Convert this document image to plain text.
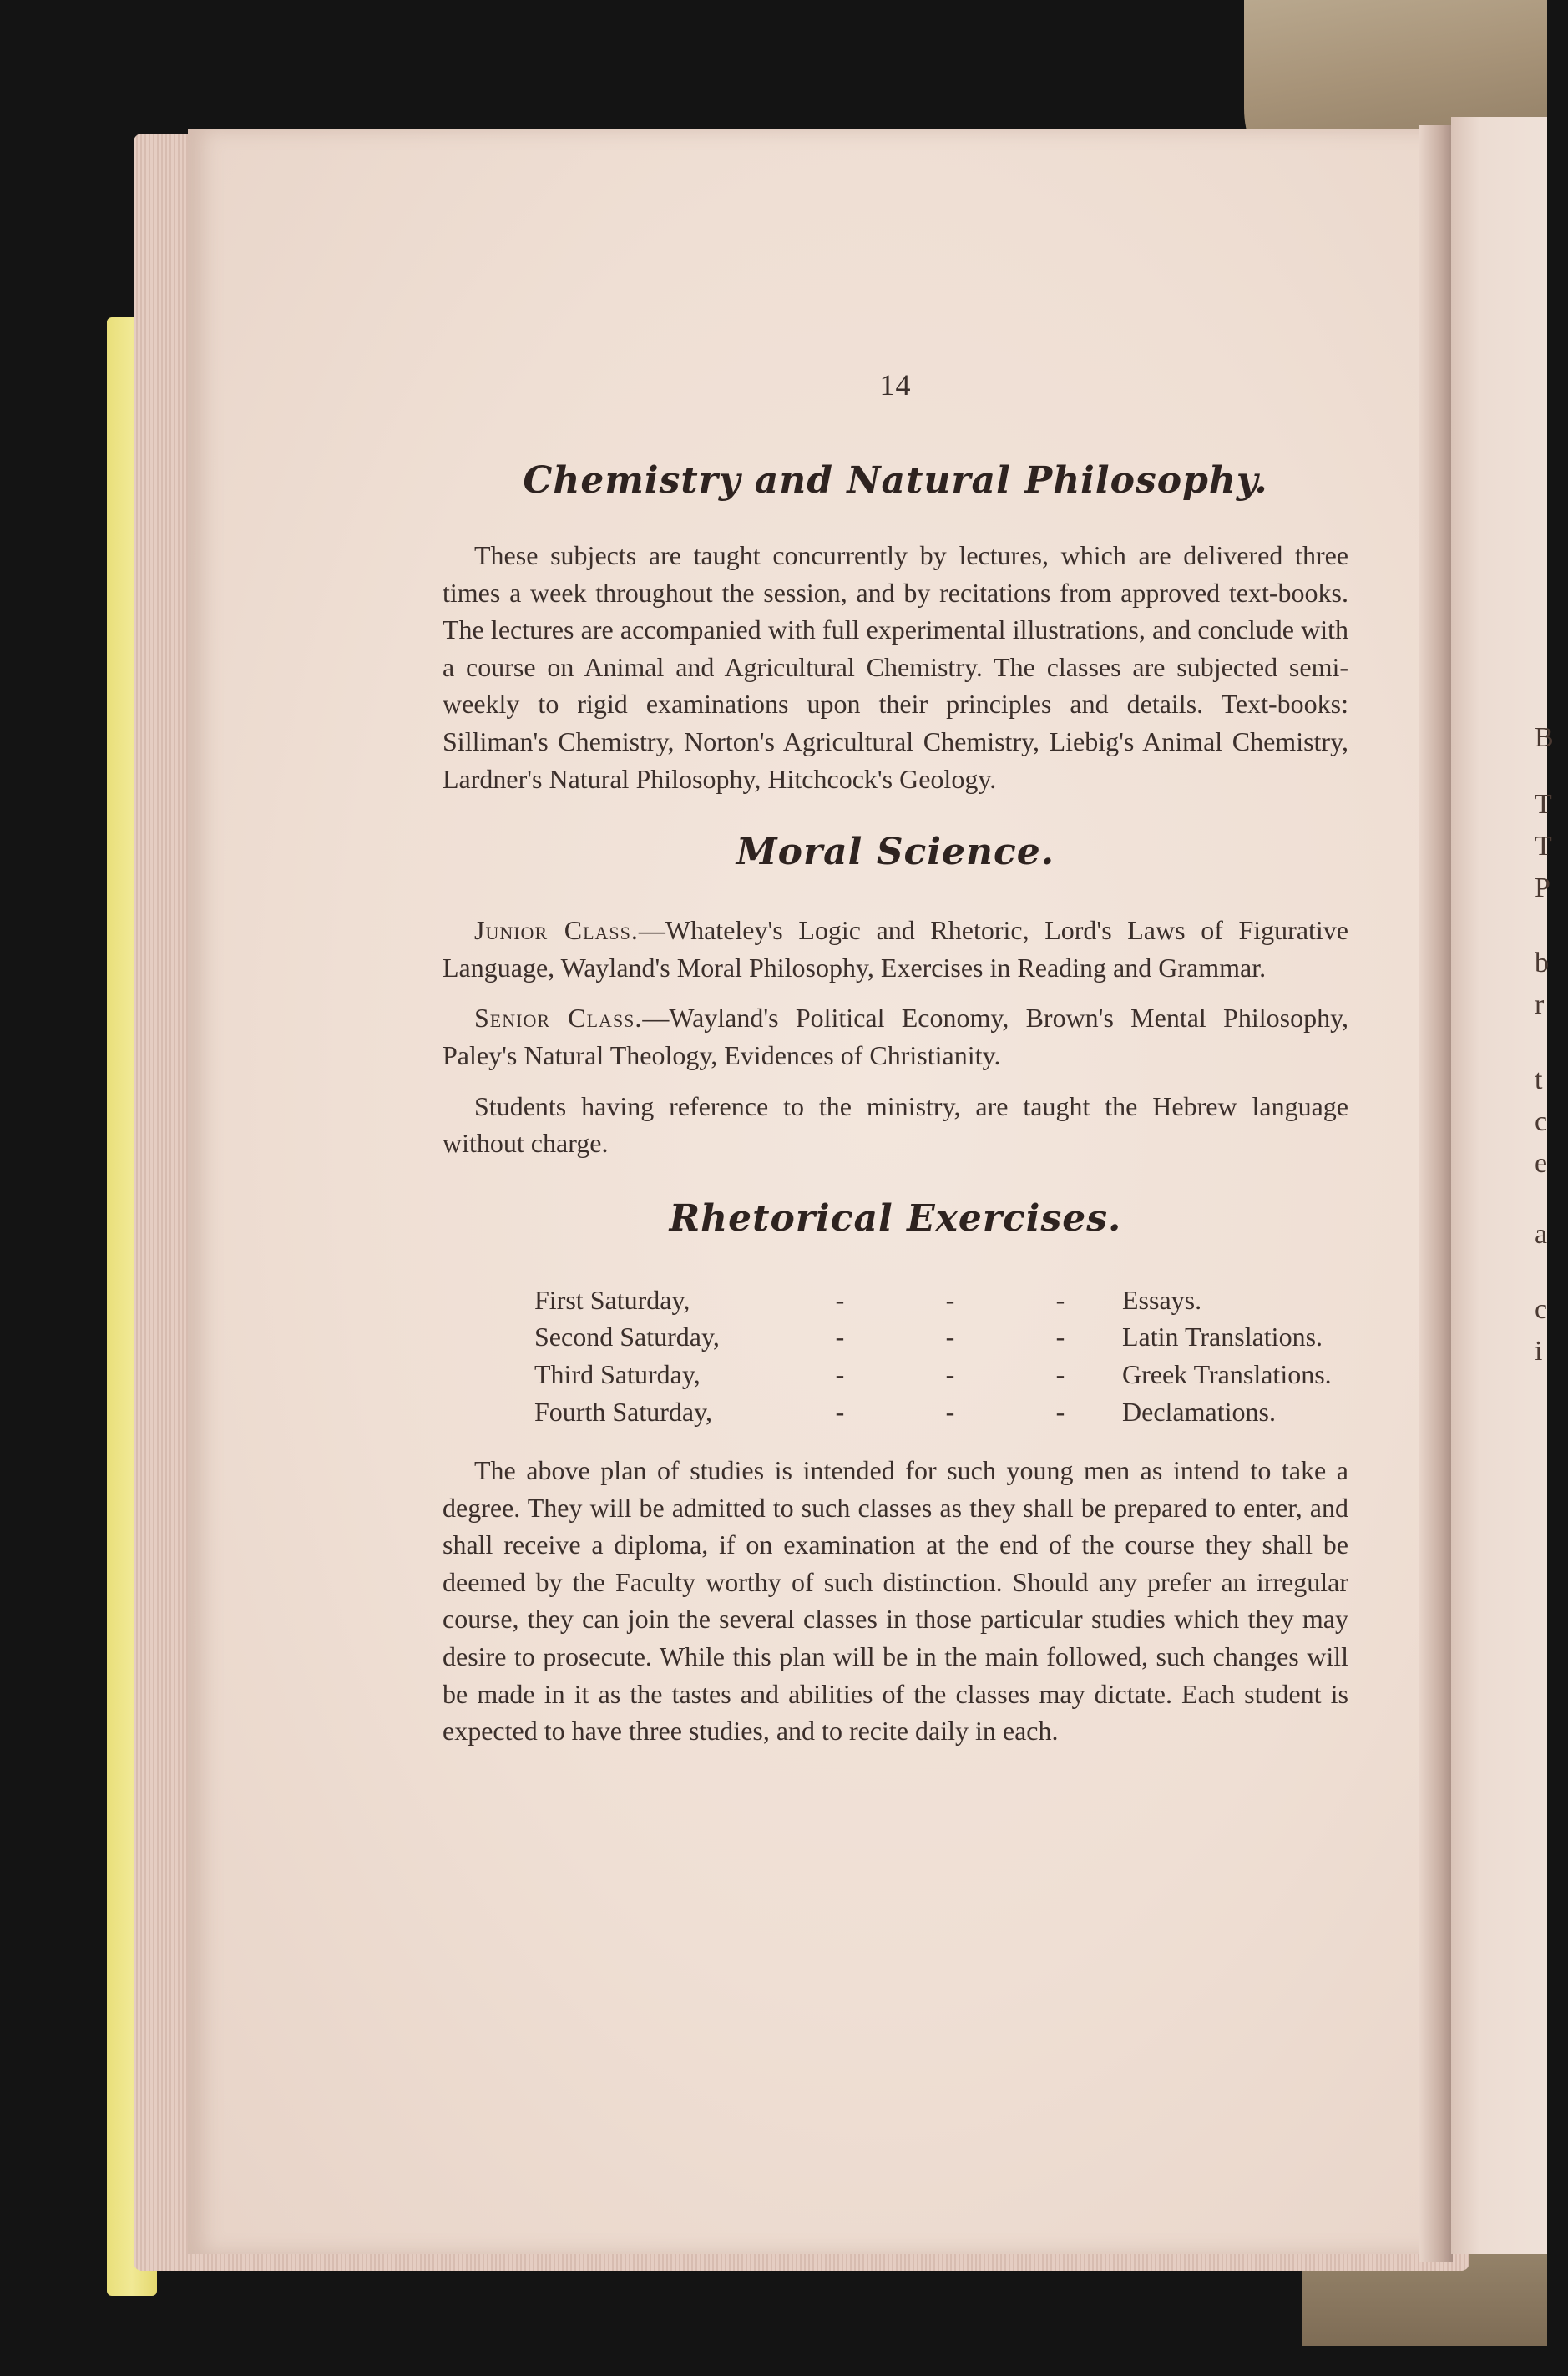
B
T
T
P
b
r
t
c
e
a
c
i
14
Chemistry and Natural Philosophy.

These subjects are taught concurrently by lectures, which are delivered three times a week throughout the session, and by recitations from approved text-books. The lectures are accompanied with full experimental illustrations, and conclude with a course on Animal and Agricultural Chemistry. The classes are subjected semi-weekly to rigid examinations upon their principles and details. Text-books: Silliman's Chemistry, Norton's Agricultural Chemistry, Liebig's Animal Chemistry, Lardner's Natural Philosophy, Hitchcock's Geology.

Moral Science.

Junior Class.—Whateley's Logic and Rhetoric, Lord's Laws of Figurative Language, Wayland's Moral Philosophy, Exercises in Reading and Grammar.

Senior Class.—Wayland's Political Economy, Brown's Mental Philosophy, Paley's Natural Theology, Evidences of Christianity.

Students having reference to the ministry, are taught the Hebrew language without charge.

Rhetorical Exercises.
First Saturday,	-	-	-	Essays.
Second Saturday,	-	-	-	Latin Translations.
Third Saturday,	-	-	-	Greek Translations.
Fourth Saturday,	-	-	-	Declamations.

The above plan of studies is intended for such young men as intend to take a degree. They will be admitted to such classes as they shall be prepared to enter, and shall receive a diploma, if on examination at the end of the course they shall be deemed by the Faculty worthy of such distinction. Should any prefer an irregular course, they can join the several classes in those particular studies which they may desire to prosecute. While this plan will be in the main followed, such changes will be made in it as the tastes and abilities of the classes may dictate. Each student is expected to have three studies, and to recite daily in each.
